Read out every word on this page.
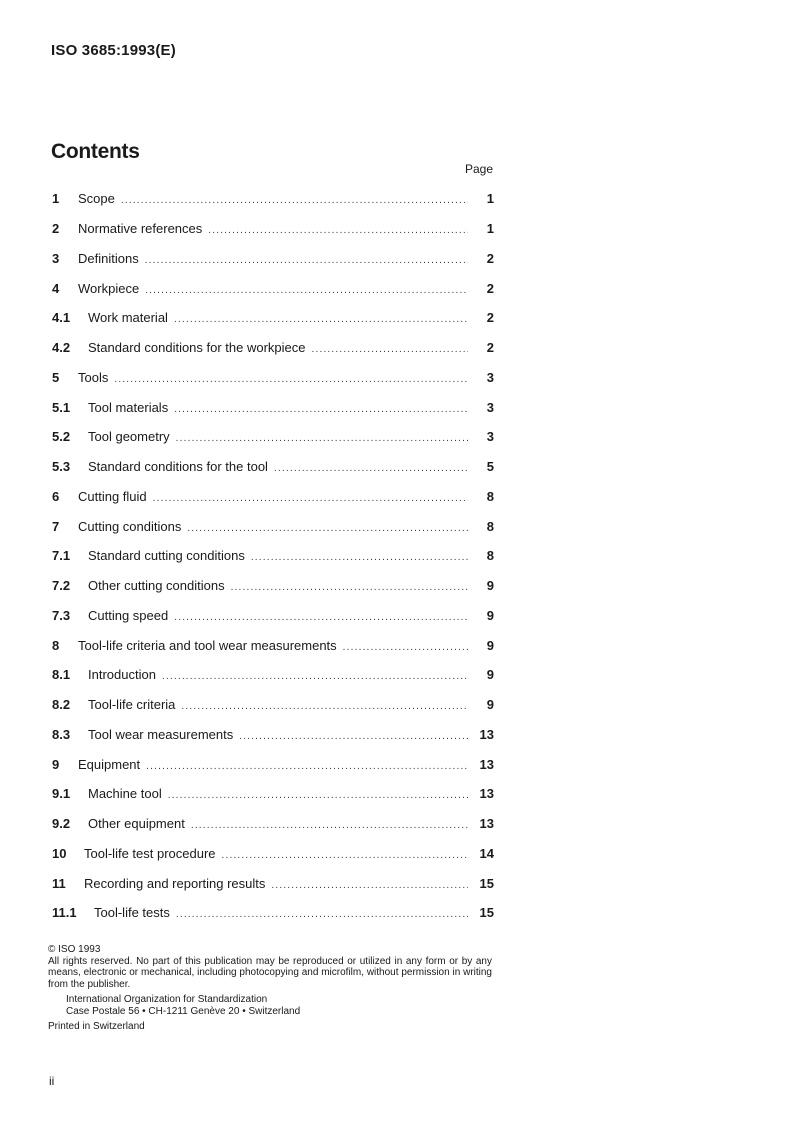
ISO 3685:1993(E)
Contents
Page
1	Scope .....	1
2	Normative references .....	1
3	Definitions .....	2
4	Workpiece .....	2
4.1	Work material .....	2
4.2	Standard conditions for the workpiece .....	2
5	Tools .....	3
5.1	Tool materials .....	3
5.2	Tool geometry .....	3
5.3	Standard conditions for the tool .....	5
6	Cutting fluid .....	8
7	Cutting conditions .....	8
7.1	Standard cutting conditions .....	8
7.2	Other cutting conditions .....	9
7.3	Cutting speed .....	9
8	Tool-life criteria and tool wear measurements .....	9
8.1	Introduction .....	9
8.2	Tool-life criteria .....	9
8.3	Tool wear measurements .....	13
9	Equipment .....	13
9.1	Machine tool .....	13
9.2	Other equipment .....	13
10	Tool-life test procedure .....	14
11	Recording and reporting results .....	15
11.1	Tool-life tests .....	15
© ISO 1993
All rights reserved. No part of this publication may be reproduced or utilized in any form or by any means, electronic or mechanical, including photocopying and microfilm, without permission in writing from the publisher.
International Organization for Standardization
Case Postale 56 • CH-1211 Genève 20 • Switzerland
Printed in Switzerland
ii
